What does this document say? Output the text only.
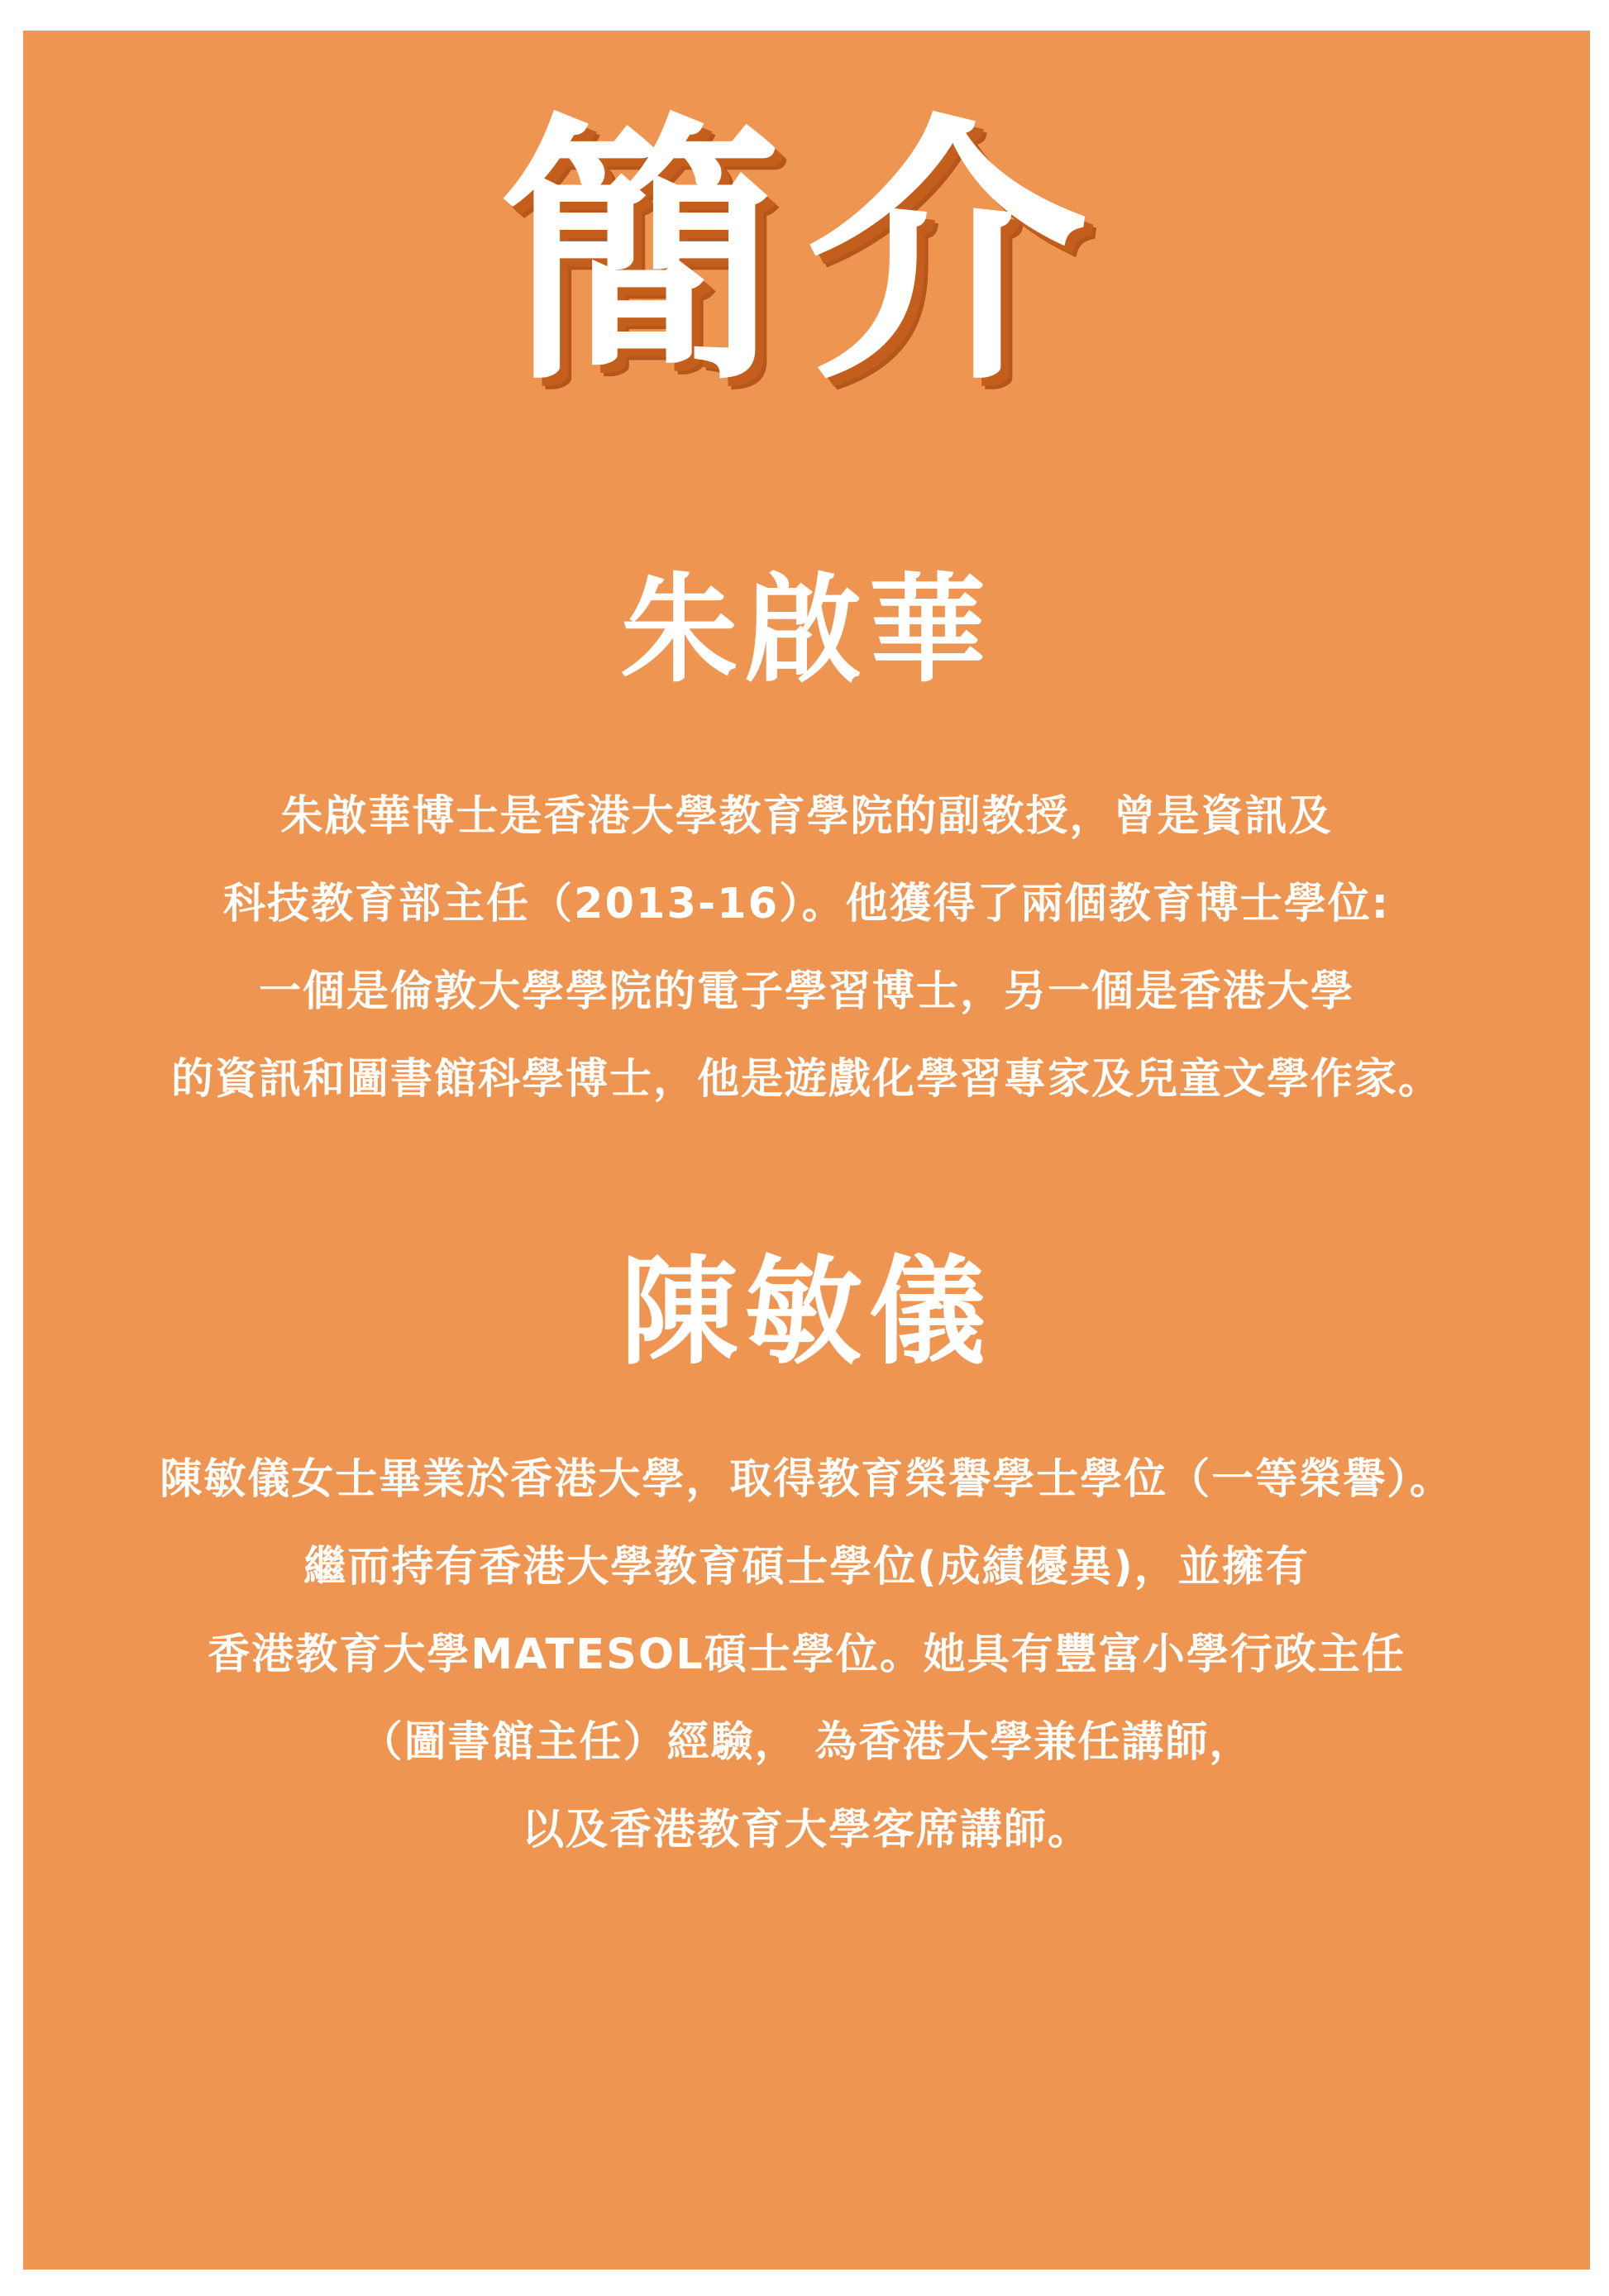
簡介
朱啟華
朱啟華博士是香港大學教育學院的副教授，曾是資訊及
科技教育部主任（2013-16）。他獲得了兩個教育博士學位:
一個是倫敦大學學院的電子學習博士，另一個是香港大學
的資訊和圖書館科學博士，他是遊戲化學習專家及兒童文學作家。
陳敏儀
陳敏儀女士畢業於香港大學，取得教育榮譽學士學位（一等榮譽）。
繼而持有香港大學教育碩士學位(成績優異)，並擁有
香港教育大學MATESOL碩士學位。她具有豐富小學行政主任
（圖書館主任）經驗， 為香港大學兼任講師，
以及香港教育大學客席講師。
